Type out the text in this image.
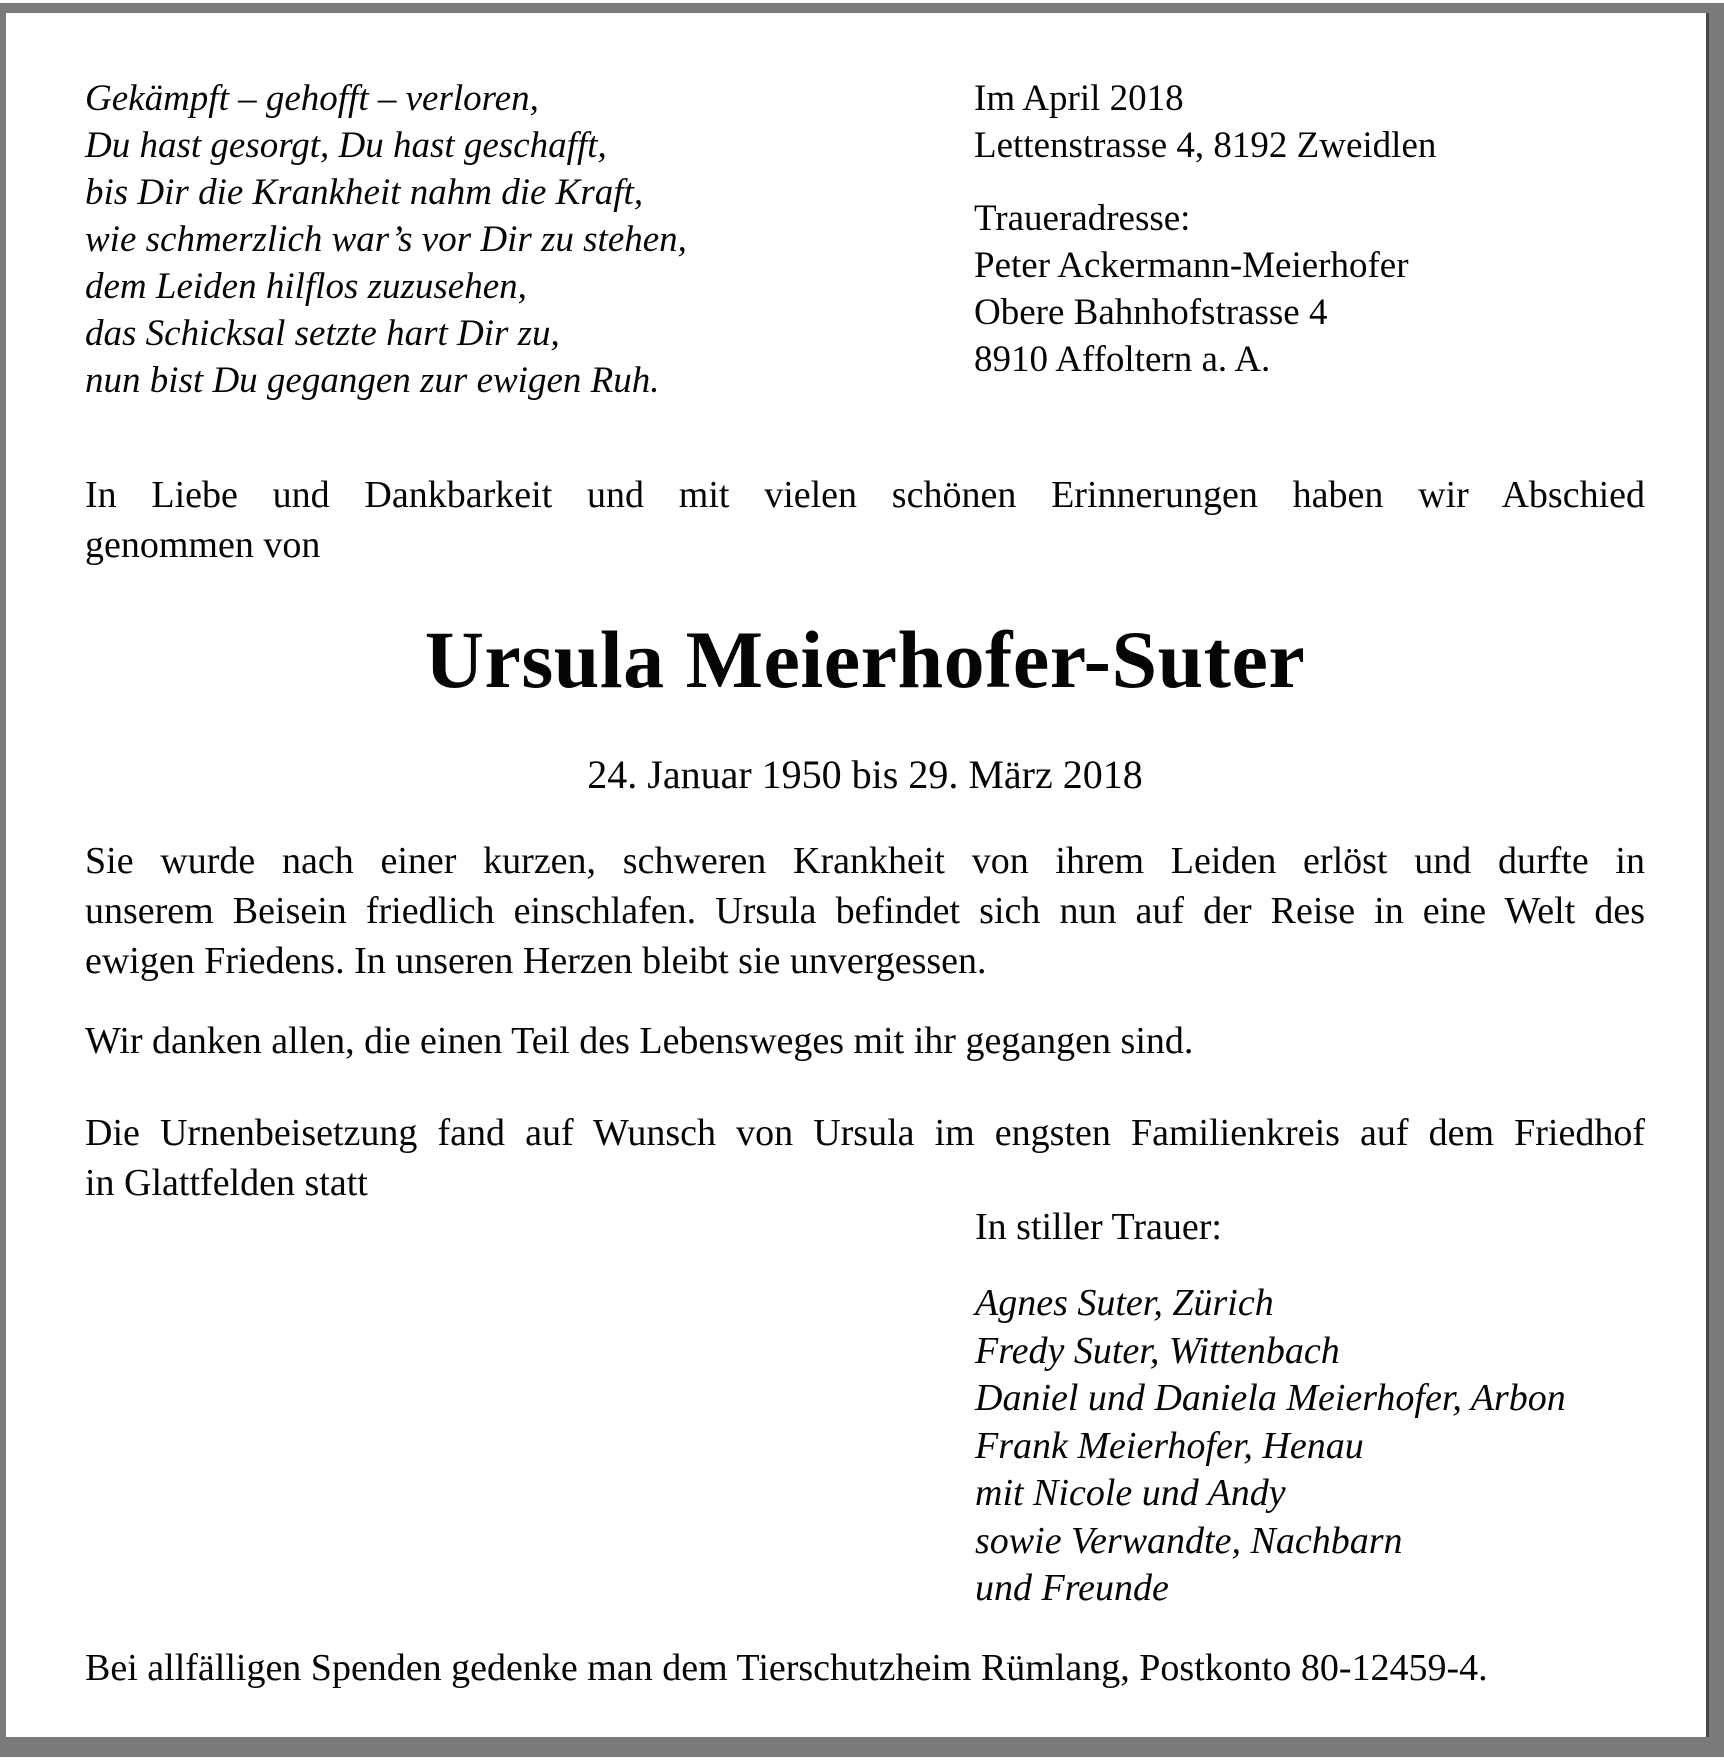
Gekämpft – gehofft – verloren,
Du hast gesorgt, Du hast geschafft,
bis Dir die Krankheit nahm die Kraft,
wie schmerzlich war’s vor Dir zu stehen,
dem Leiden hilflos zuzusehen,
das Schicksal setzte hart Dir zu,
nun bist Du gegangen zur ewigen Ruh.
Im April 2018
Lettenstrasse 4, 8192 Zweidlen
Traueradresse:
Peter Ackermann-Meierhofer
Obere Bahnhofstrasse 4
8910 Affoltern a. A.
In Liebe und Dankbarkeit und mit vielen schönen Erinnerungen haben wir Abschied
genommen von
Ursula Meierhofer-Suter
24. Januar 1950 bis 29. März 2018
Sie wurde nach einer kurzen, schweren Krankheit von ihrem Leiden erlöst und durfte in
unserem Beisein friedlich einschlafen. Ursula befindet sich nun auf der Reise in eine Welt des
ewigen Friedens. In unseren Herzen bleibt sie unvergessen.
Wir danken allen, die einen Teil des Lebensweges mit ihr gegangen sind.
Die Urnenbeisetzung fand auf Wunsch von Ursula im engsten Familienkreis auf dem Friedhof
in Glattfelden statt
In stiller Trauer:
Agnes Suter, Zürich
Fredy Suter, Wittenbach
Daniel und Daniela Meierhofer, Arbon
Frank Meierhofer, Henau
mit Nicole und Andy
sowie Verwandte, Nachbarn
und Freunde
Bei allfälligen Spenden gedenke man dem Tierschutzheim Rümlang, Postkonto 80-12459-4.
